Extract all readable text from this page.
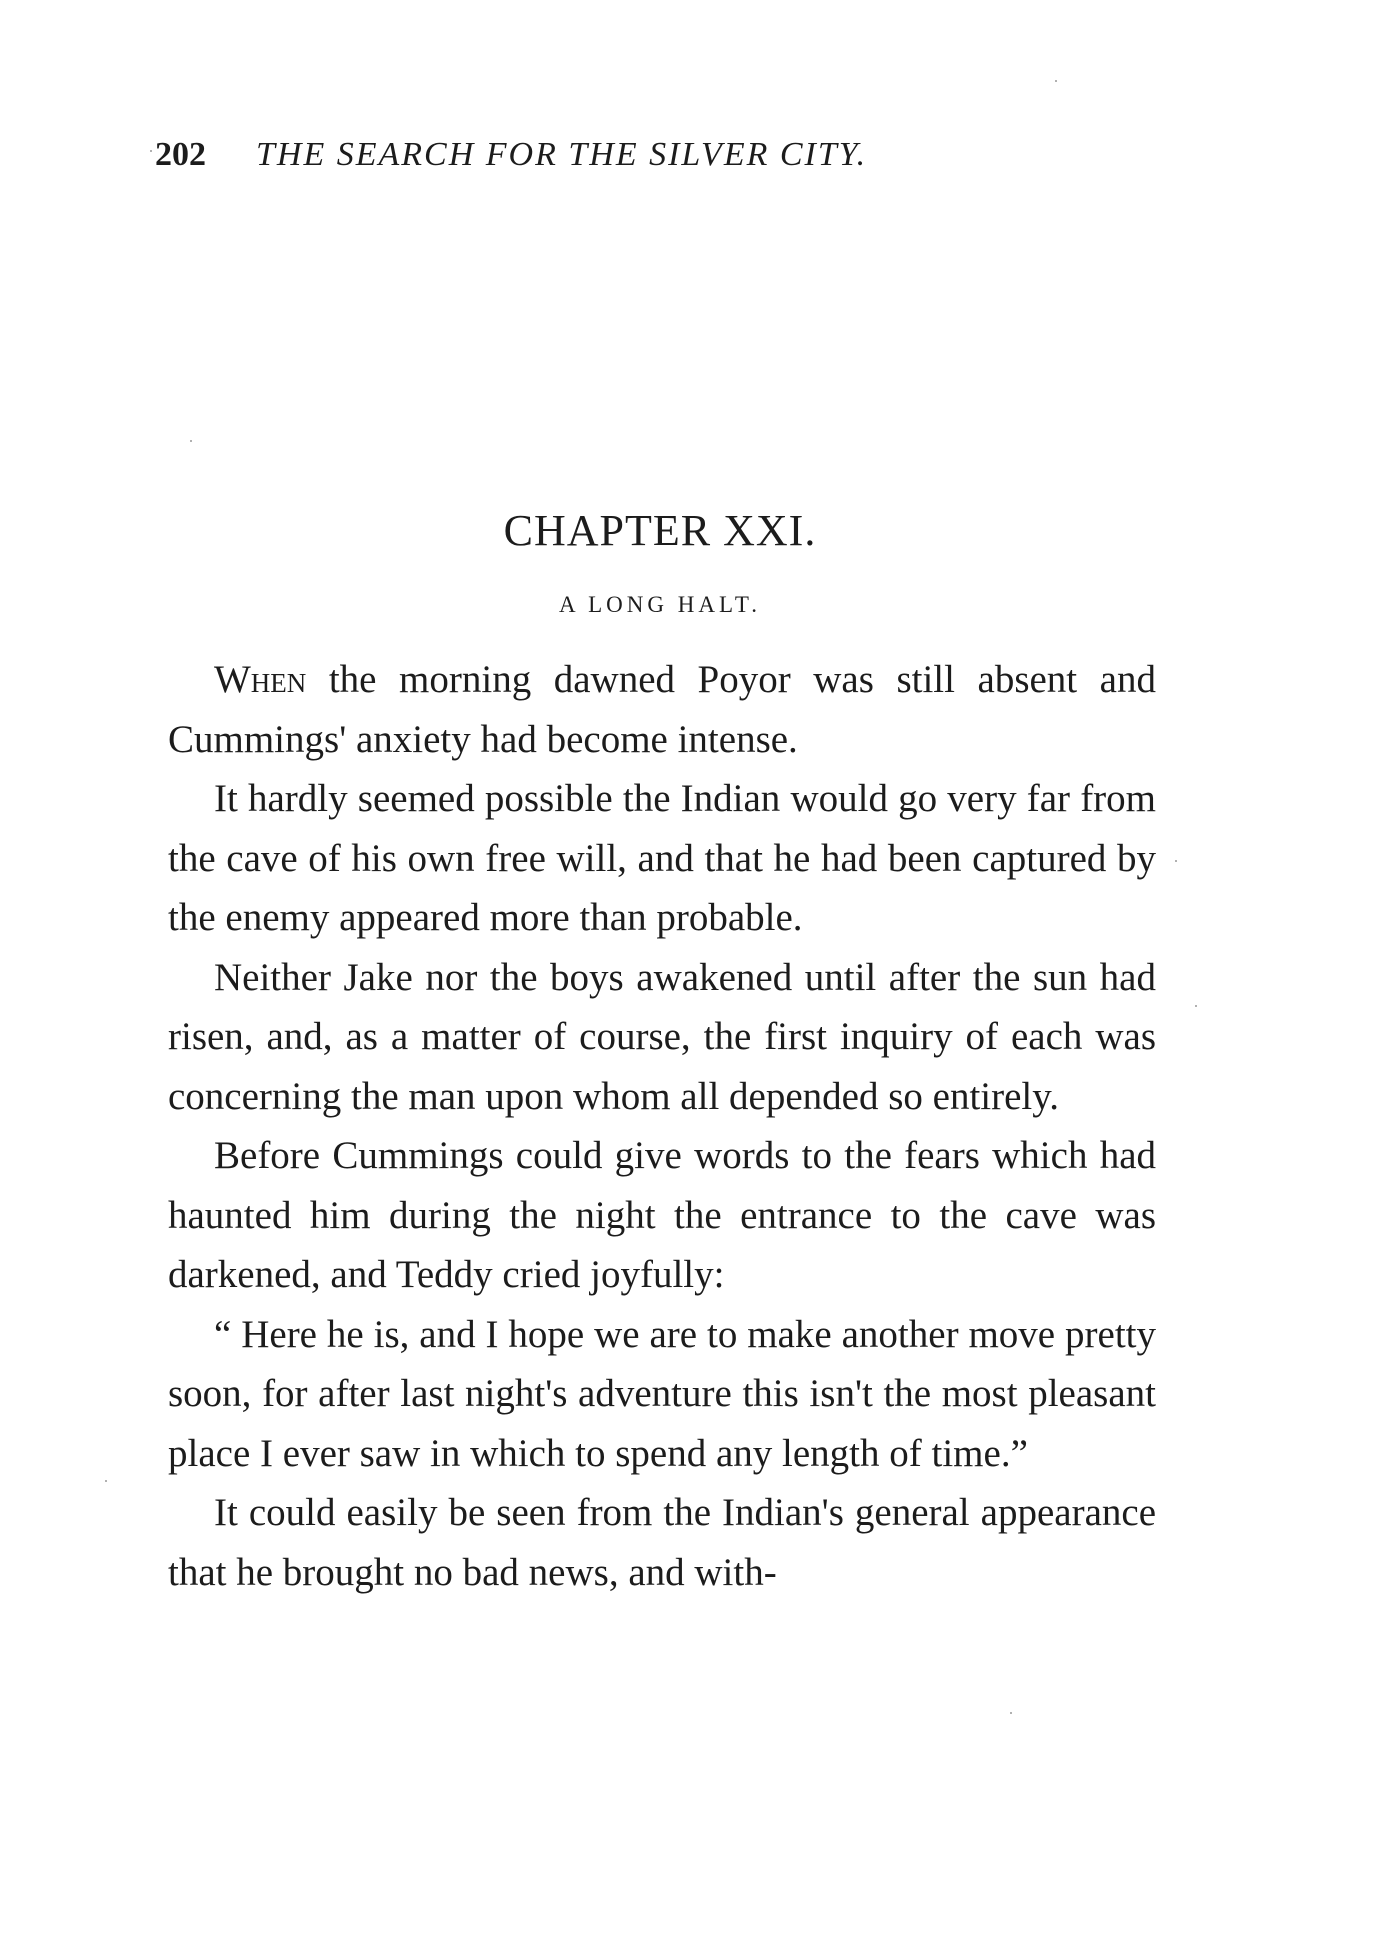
202 THE SEARCH FOR THE SILVER CITY.
CHAPTER XXI.
A LONG HALT.

When the morning dawned Poyor was still absent and Cummings' anxiety had become intense.

It hardly seemed possible the Indian would go very far from the cave of his own free will, and that he had been captured by the enemy appeared more than probable.

Neither Jake nor the boys awakened until after the sun had risen, and, as a matter of course, the first inquiry of each was concerning the man upon whom all depended so entirely.

Before Cummings could give words to the fears which had haunted him during the night the entrance to the cave was darkened, and Teddy cried joyfully:

“ Here he is, and I hope we are to make another move pretty soon, for after last night's adventure this isn't the most pleasant place I ever saw in which to spend any length of time.”

It could easily be seen from the Indian's general appearance that he brought no bad news, and with-
